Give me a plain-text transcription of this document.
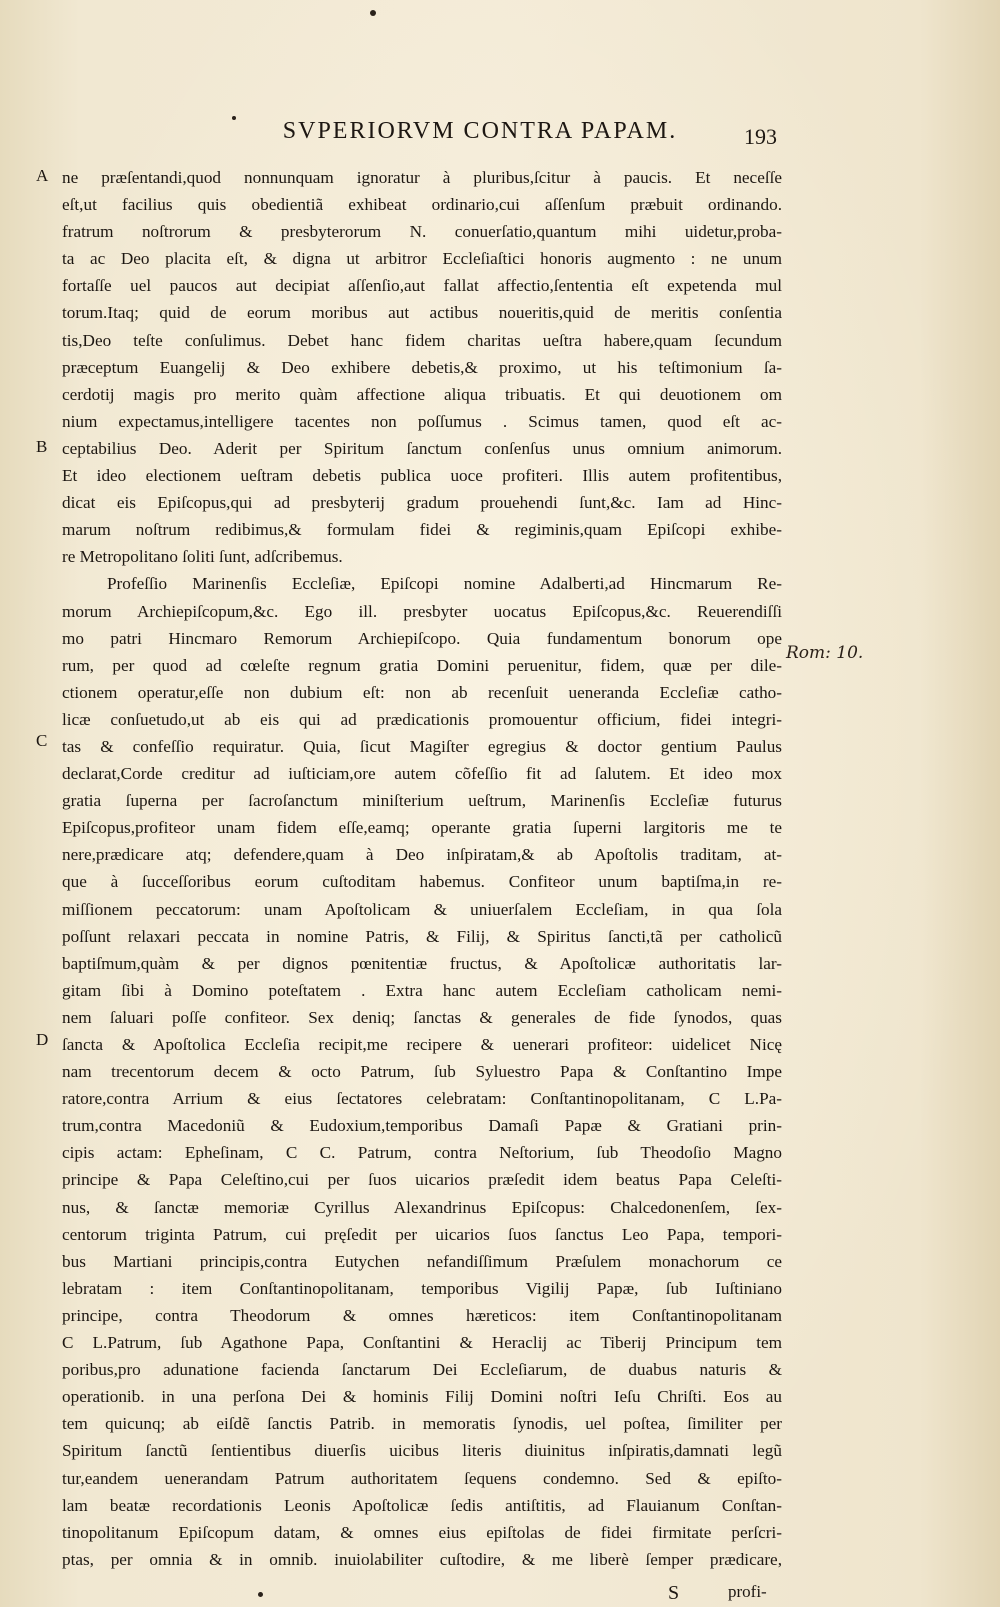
SVPERIORVM CONTRA PAPAM.	193
A
B
C
D
Rom: 10.
ne præſentandi,quod nonnunquam ignoratur à pluribus,ſcitur à paucis. Et neceſſe
eſt,ut facilius quis obedientiã exhibeat ordinario,cui aſſenſum præbuit ordinando.
fratrum noſtrorum & presbyterorum N. conuerſatio,quantum mihi uidetur,proba-
ta ac Deo placita eſt, & digna ut arbitror Eccleſiaſtici honoris augmento : ne unum
fortaſſe uel paucos aut decipiat aſſenſio,aut fallat affectio,ſententia eſt expetenda mul
torum.Itaq; quid de eorum moribus aut actibus noueritis,quid de meritis conſentia
tis,Deo teſte conſulimus. Debet hanc fidem charitas ueſtra habere,quam ſecundum
præceptum Euangelij & Deo exhibere debetis,& proximo, ut his teſtimonium ſa-
cerdotij magis pro merito quàm affectione aliqua tribuatis. Et qui deuotionem om
nium expectamus,intelligere tacentes non poſſumus . Scimus tamen, quod eſt ac-
ceptabilius Deo. Aderit per Spiritum ſanctum conſenſus unus omnium animorum.
Et ideo electionem ueſtram debetis publica uoce profiteri. Illis autem profitentibus,
dicat eis Epiſcopus,qui ad presbyterij gradum prouehendi ſunt,&c. Iam ad Hinc-
marum noſtrum redibimus,& formulam fidei & regiminis,quam Epiſcopi exhibe-
re Metropolitano ſoliti ſunt, adſcribemus.
Profeſſio Marinenſis Eccleſiæ, Epiſcopi nomine Adalberti,ad Hincmarum Re-
morum Archiepiſcopum,&c. Ego ill. presbyter uocatus Epiſcopus,&c. Reuerendiſſi
mo patri Hincmaro Remorum Archiepiſcopo. Quia fundamentum bonorum ope
rum, per quod ad cœleſte regnum gratia Domini peruenitur, fidem, quæ per dile-
ctionem operatur,eſſe non dubium eſt: non ab recenſuit ueneranda Eccleſiæ catho-
licæ conſuetudo,ut ab eis qui ad prædicationis promouentur officium, fidei integri-
tas & confeſſio requiratur. Quia, ſicut Magiſter egregius & doctor gentium Paulus
declarat,Corde creditur ad iuſticiam,ore autem cõfeſſio fit ad ſalutem. Et ideo mox
gratia ſuperna per ſacroſanctum miniſterium ueſtrum, Marinenſis Eccleſiæ futurus
Epiſcopus,profiteor unam fidem eſſe,eamq; operante gratia ſuperni largitoris me te
nere,prædicare atq; defendere,quam à Deo inſpiratam,& ab Apoſtolis traditam, at-
que à ſucceſſoribus eorum cuſtoditam habemus. Confiteor unum baptiſma,in re-
miſſionem peccatorum: unam Apoſtolicam & uniuerſalem Eccleſiam, in qua ſola
poſſunt relaxari peccata in nomine Patris, & Filij, & Spiritus ſancti,tã per catholicũ
baptiſmum,quàm & per dignos pœnitentiæ fructus, & Apoſtolicæ authoritatis lar-
gitam ſibi à Domino poteſtatem . Extra hanc autem Eccleſiam catholicam nemi-
nem ſaluari poſſe confiteor. Sex deniq; ſanctas & generales de fide ſynodos, quas
ſancta & Apoſtolica Eccleſia recipit,me recipere & uenerari profiteor: uidelicet Nicę
nam trecentorum decem & octo Patrum, ſub Syluestro Papa & Conſtantino Impe
ratore,contra Arrium & eius ſectatores celebratam: Conſtantinopolitanam, C L.Pa-
trum,contra Macedoniũ & Eudoxium,temporibus Damaſi Papæ & Gratiani prin-
cipis actam: Epheſinam, C C. Patrum, contra Neſtorium, ſub Theodoſio Magno
principe & Papa Celeſtino,cui per ſuos uicarios præſedit idem beatus Papa Celeſti-
nus, & ſanctæ memoriæ Cyrillus Alexandrinus Epiſcopus: Chalcedonenſem, ſex-
centorum triginta Patrum, cui pręſedit per uicarios ſuos ſanctus Leo Papa, tempori-
bus Martiani principis,contra Eutychen nefandiſſimum Præſulem monachorum ce
lebratam : item Conſtantinopolitanam, temporibus Vigilij Papæ, ſub Iuſtiniano
principe, contra Theodorum & omnes hæreticos: item Conſtantinopolitanam
C L.Patrum, ſub Agathone Papa, Conſtantini & Heraclij ac Tiberij Principum tem
poribus,pro adunatione facienda ſanctarum Dei Eccleſiarum, de duabus naturis &
operationib. in una perſona Dei & hominis Filij Domini noſtri Ieſu Chriſti. Eos au
tem quicunq; ab eiſdẽ ſanctis Patrib. in memoratis ſynodis, uel poſtea, ſimiliter per
Spiritum ſanctũ ſentientibus diuerſis uicibus literis diuinitus inſpiratis,damnati legũ
tur,eandem uenerandam Patrum authoritatem ſequens condemno. Sed & epiſto-
lam beatæ recordationis Leonis Apoſtolicæ ſedis antiſtitis, ad Flauianum Conſtan-
tinopolitanum Epiſcopum datam, & omnes eius epiſtolas de fidei firmitate perſcri-
ptas, per omnia & in omnib. inuiolabiliter cuſtodire, & me liberè ſemper prædicare,
S	profi-
